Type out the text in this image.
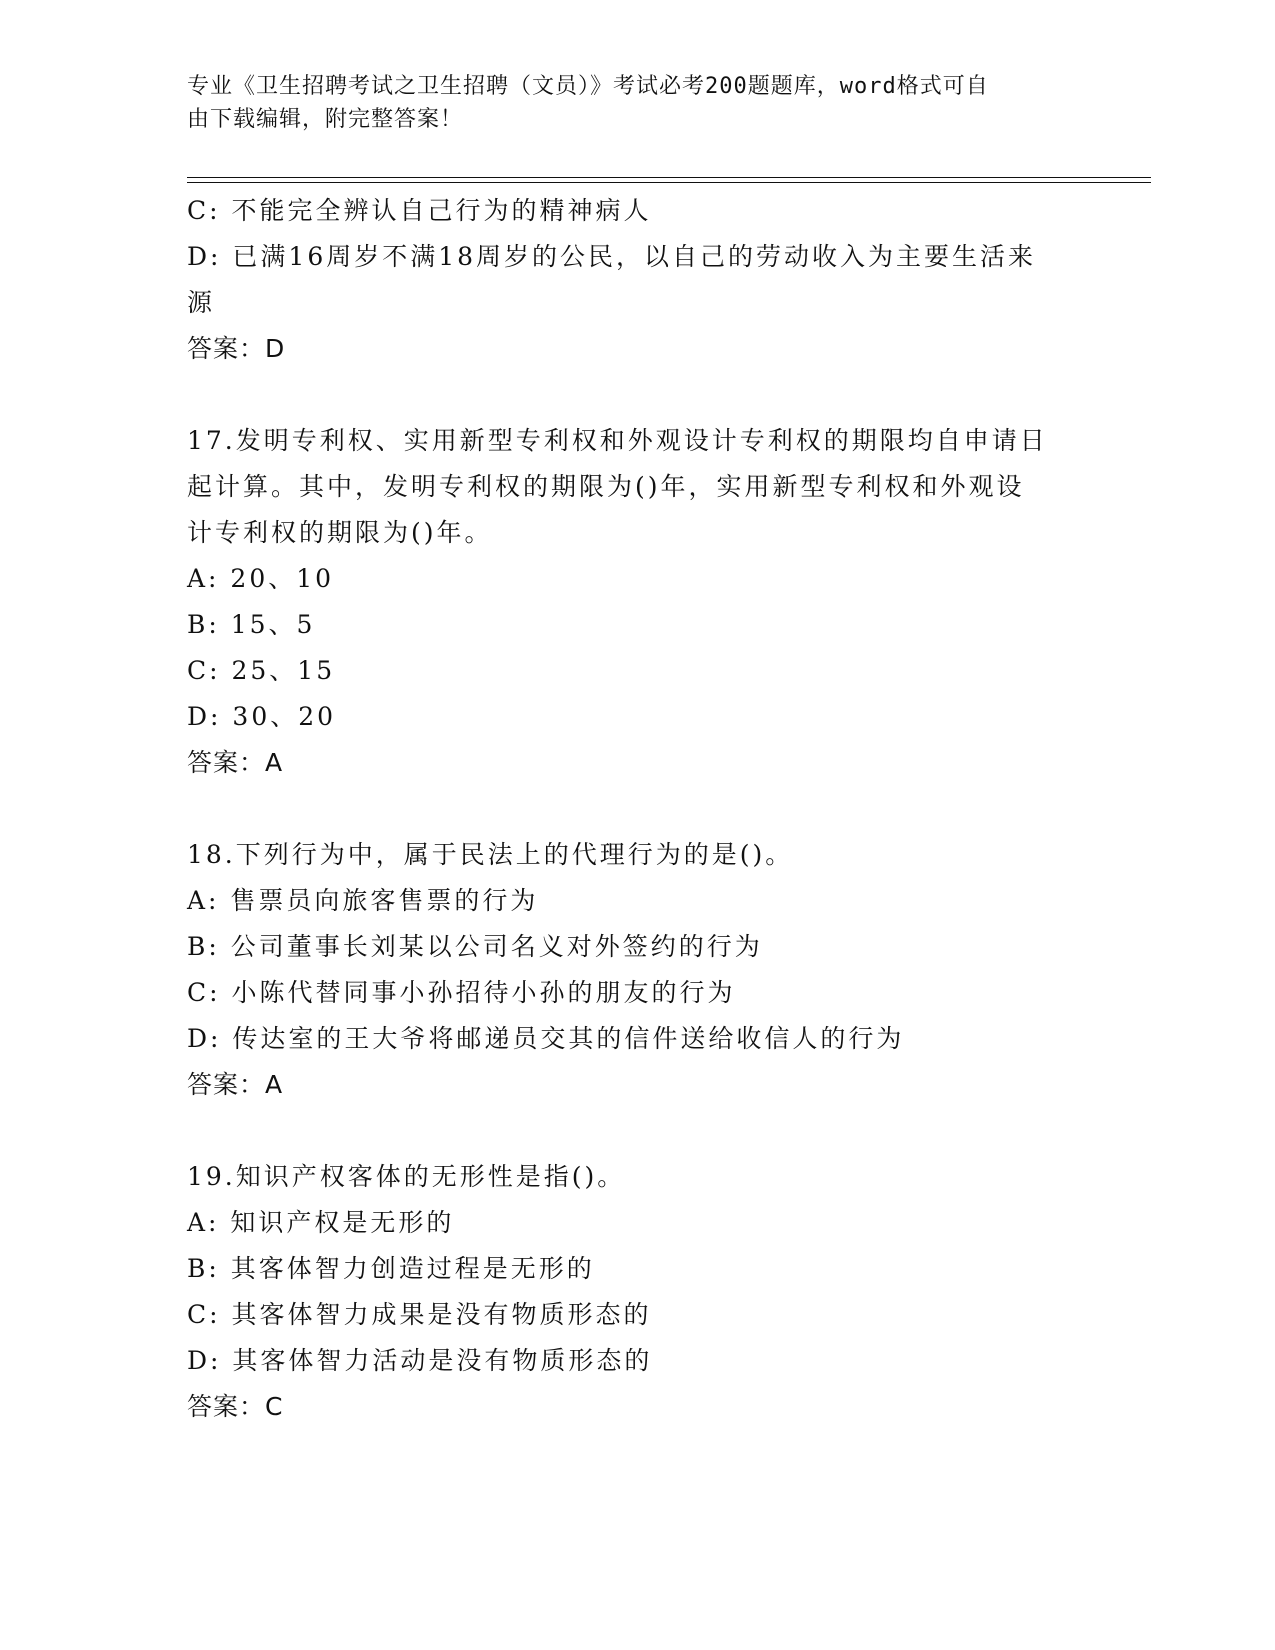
专业《卫生招聘考试之卫生招聘（文员）》考试必考200题题库，word格式可自
由下载编辑，附完整答案！
C: 不能完全辨认自己行为的精神病人
D: 已满16周岁不满18周岁的公民，以自己的劳动收入为主要生活来
源
答案：D
17.发明专利权、实用新型专利权和外观设计专利权的期限均自申请日
起计算。其中，发明专利权的期限为()年，实用新型专利权和外观设
计专利权的期限为()年。
A: 20、10
B: 15、5
C: 25、15
D: 30、20
答案：A
18.下列行为中，属于民法上的代理行为的是()。
A: 售票员向旅客售票的行为
B: 公司董事长刘某以公司名义对外签约的行为
C: 小陈代替同事小孙招待小孙的朋友的行为
D: 传达室的王大爷将邮递员交其的信件送给收信人的行为
答案：A
19.知识产权客体的无形性是指()。
A: 知识产权是无形的
B: 其客体智力创造过程是无形的
C: 其客体智力成果是没有物质形态的
D: 其客体智力活动是没有物质形态的
答案：C
